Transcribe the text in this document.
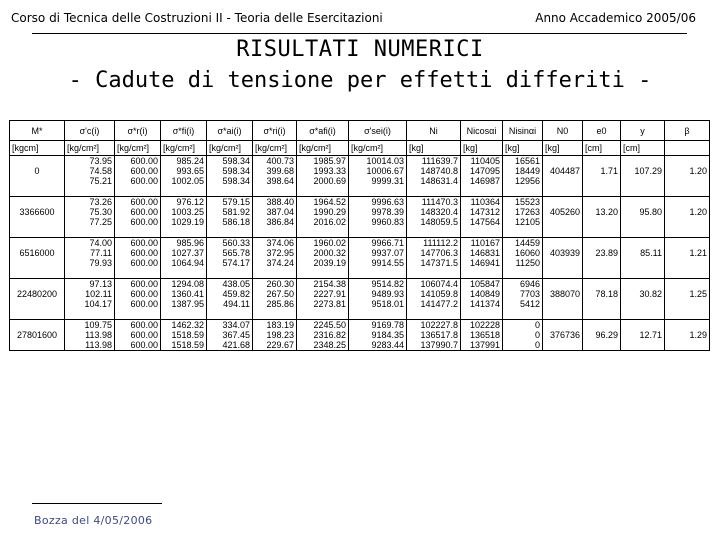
Corso di Tecnica delle Costruzioni II - Teoria delle Esercitazioni	Anno Accademico 2005/06
RISULTATI NUMERICI
- Cadute di tensione per effetti differiti -
M*	σ'c(i)	σ*r(i)	σ*fi(i)	σ*ai(i)	σ*ri(i)	σ*afi(i)	σ'sei(i)	Ni	Nicosαi	Nisinαi	N0	e0	y	β
[kgcm]	[kg/cm²]	[kg/cm²]	[kg/cm²]	[kg/cm²]	[kg/cm²]	[kg/cm²]	[kg/cm²]	[kg]	[kg]	[kg]	[kg]	[cm]	[cm]	
	73.95	600.00	985.24	598.34	400.73	1985.97	10014.03	111639.7	110405	16561				
0	74.58	600.00	993.65	598.34	399.68	1993.33	10006.67	148740.8	147095	18449	404487	1.71	107.29	1.20
	75.21	600.00	1002.05	598.34	398.64	2000.69	9999.31	148631.4	146987	12956				

	73.26	600.00	976.12	579.15	388.40	1964.52	9996.63	111470.3	110364	15523				
3366600	75.30	600.00	1003.25	581.92	387.04	1990.29	9978.39	148320.4	147312	17263	405260	13.20	95.80	1.20
	77.25	600.00	1029.19	586.18	386.84	2016.02	9960.83	148059.5	147564	12105				

	74.00	600.00	985.96	560.33	374.06	1960.02	9966.71	111112.2	110167	14459				
6516000	77.11	600.00	1027.37	565.78	372.95	2000.32	9937.07	147706.3	146831	16060	403939	23.89	85.11	1.21
	79.93	600.00	1064.94	574.17	374.24	2039.19	9914.55	147371.5	146941	11250				

	97.13	600.00	1294.08	438.05	260.30	2154.38	9514.82	106074.4	105847	6946				
22480200	102.11	600.00	1360.41	459.82	267.50	2227.91	9489.93	141059.8	140849	7703	388070	78.18	30.82	1.25
	104.17	600.00	1387.95	494.11	285.86	2273.81	9518.01	141477.2	141374	5412				

	109.75	600.00	1462.32	334.07	183.19	2245.50	9169.78	102227.8	102228	0				
27801600	113.98	600.00	1518.59	367.45	198.23	2316.82	9184.35	136517.8	136518	0	376736	96.29	12.71	1.29
	113.98	600.00	1518.59	421.68	229.67	2348.25	9283.44	137990.7	137991	0				
Bozza del 4/05/2006
